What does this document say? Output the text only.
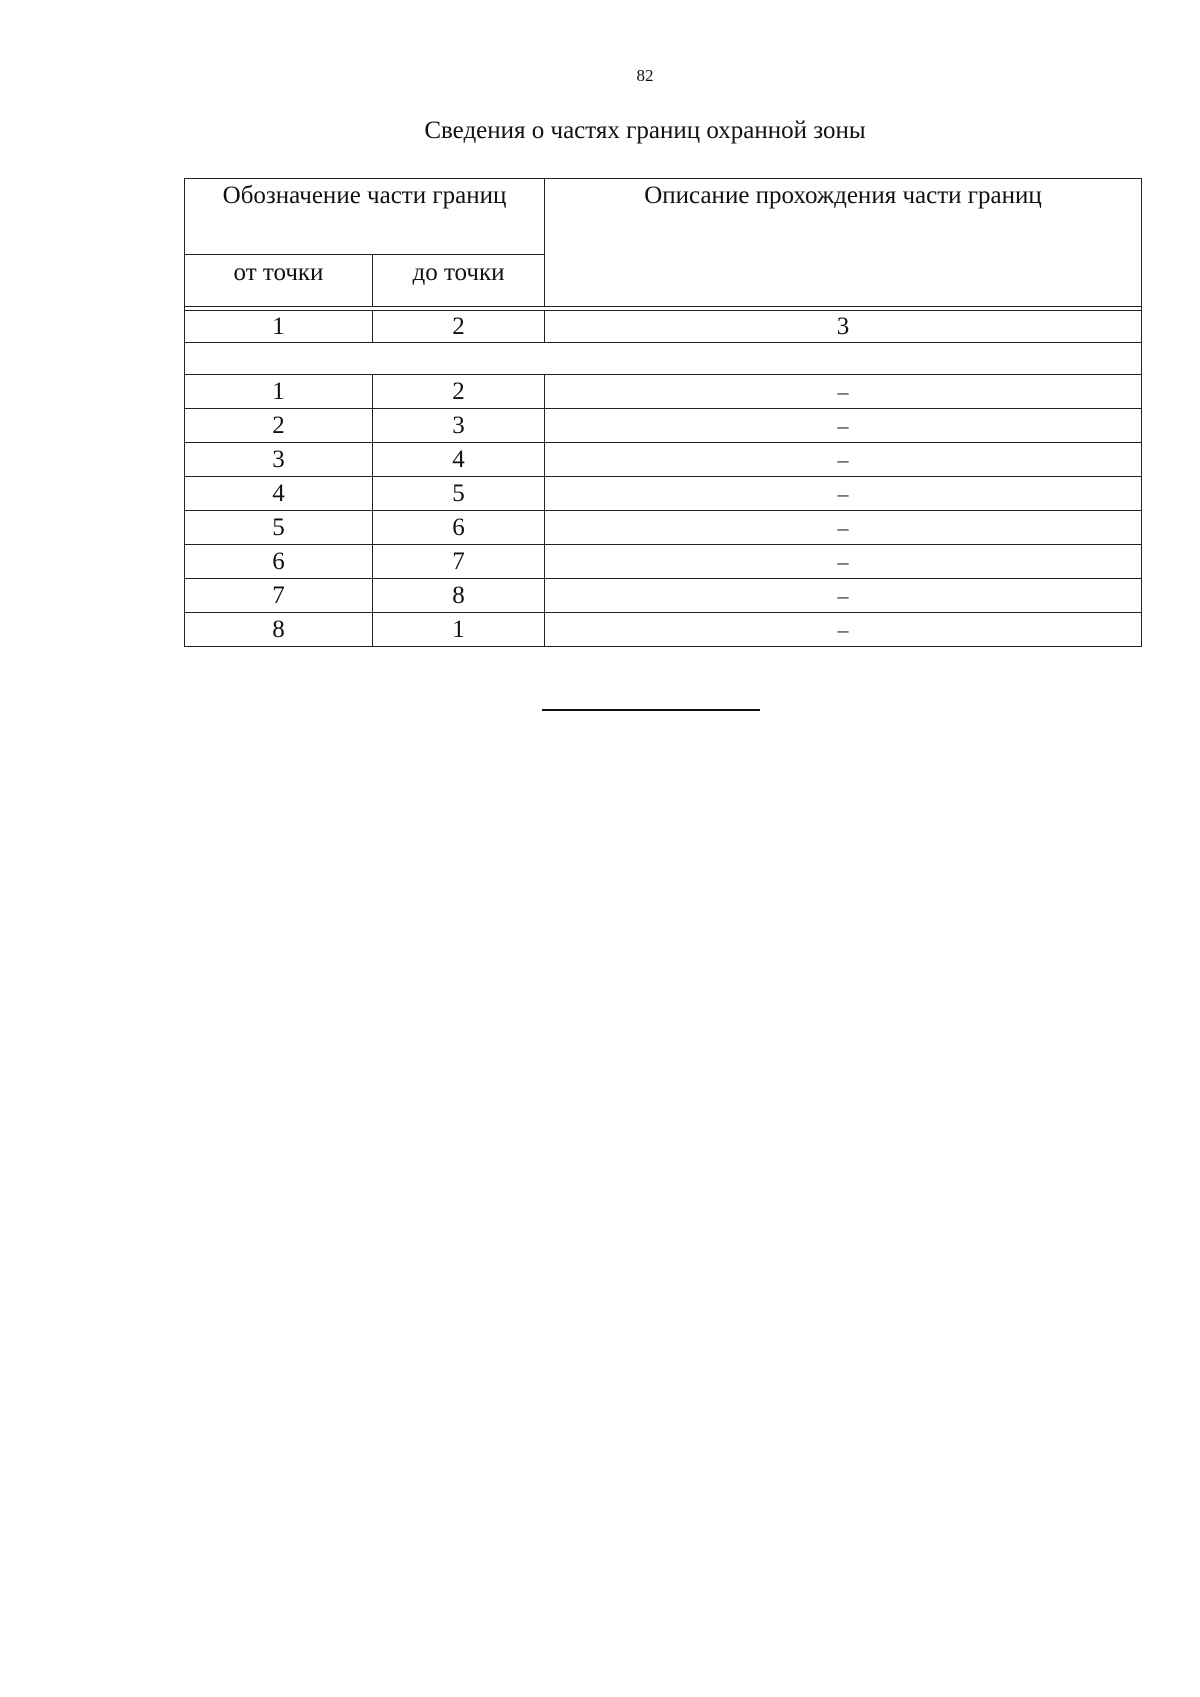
82
Сведения о частях границ охранной зоны
Обозначение части границ		Описание прохождения части границ
от точки	до точки	

1	2	3

1	2	–
2	3	–
3	4	–
4	5	–
5	6	–
6	7	–
7	8	–
8	1	–
